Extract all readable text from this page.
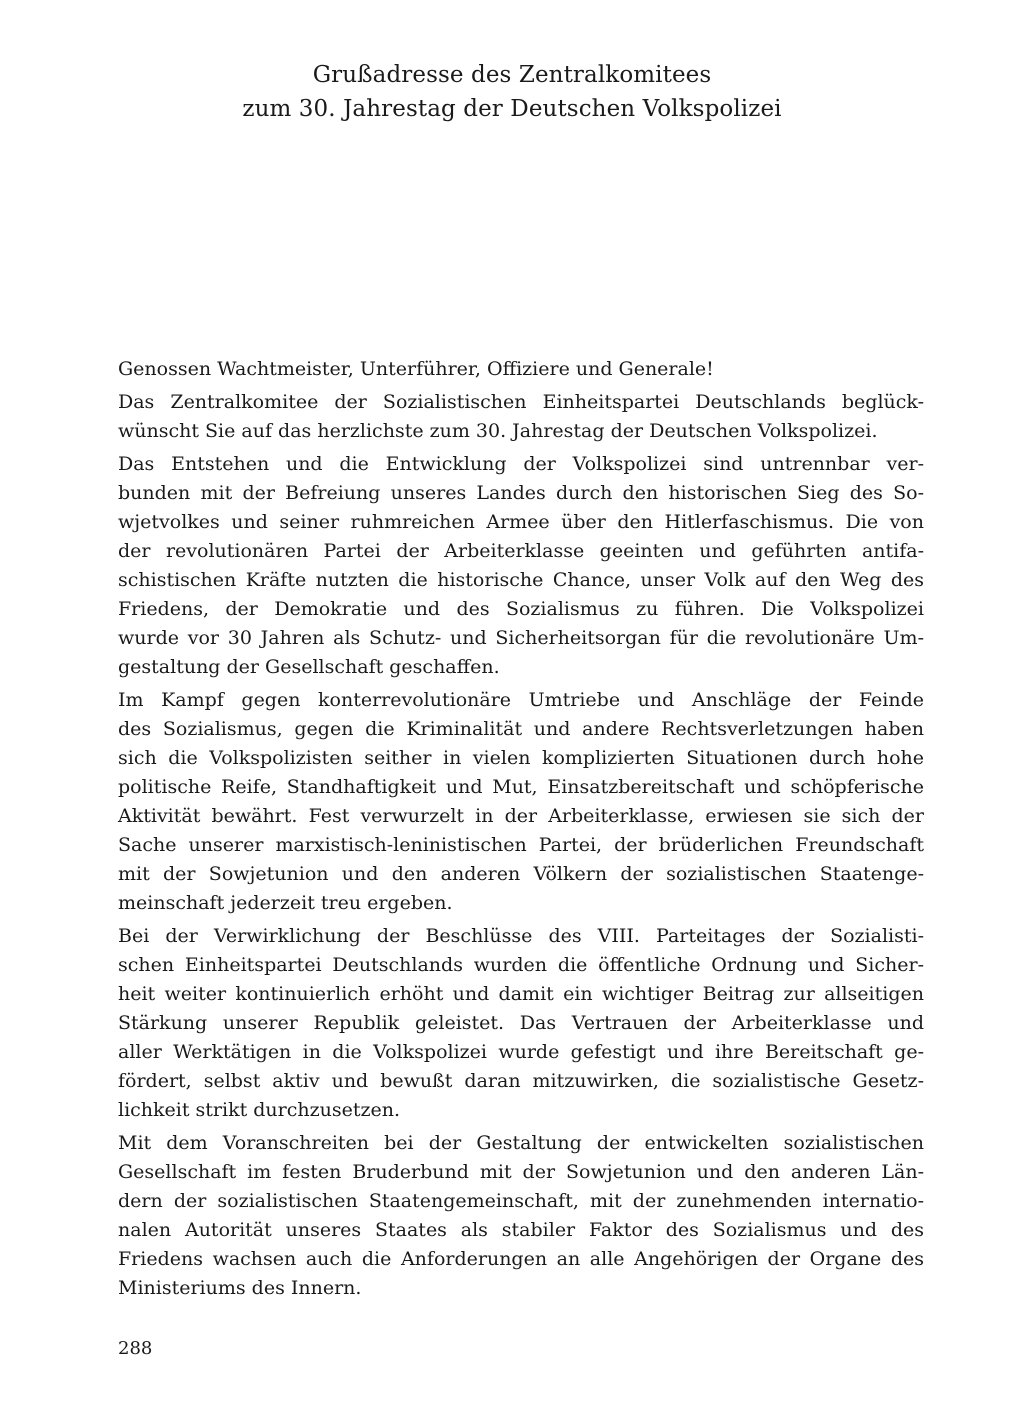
Grußadresse des Zentralkomitees
zum 30. Jahrestag der Deutschen Volkspolizei
Genossen Wachtmeister, Unterführer, Offiziere und Generale!
Das Zentralkomitee der Sozialistischen Einheitspartei Deutschlands beglück-
wünscht Sie auf das herzlichste zum 30. Jahrestag der Deutschen Volkspolizei.
Das Entstehen und die Entwicklung der Volkspolizei sind untrennbar ver-
bunden mit der Befreiung unseres Landes durch den historischen Sieg des So-
wjetvolkes und seiner ruhmreichen Armee über den Hitlerfaschismus. Die von
der revolutionären Partei der Arbeiterklasse geeinten und geführten antifa-
schistischen Kräfte nutzten die historische Chance, unser Volk auf den Weg des
Friedens, der Demokratie und des Sozialismus zu führen. Die Volkspolizei
wurde vor 30 Jahren als Schutz- und Sicherheitsorgan für die revolutionäre Um-
gestaltung der Gesellschaft geschaffen.
Im Kampf gegen konterrevolutionäre Umtriebe und Anschläge der Feinde
des Sozialismus, gegen die Kriminalität und andere Rechtsverletzungen haben
sich die Volkspolizisten seither in vielen komplizierten Situationen durch hohe
politische Reife, Standhaftigkeit und Mut, Einsatzbereitschaft und schöpferische
Aktivität bewährt. Fest verwurzelt in der Arbeiterklasse, erwiesen sie sich der
Sache unserer marxistisch-leninistischen Partei, der brüderlichen Freundschaft
mit der Sowjetunion und den anderen Völkern der sozialistischen Staatenge-
meinschaft jederzeit treu ergeben.
Bei der Verwirklichung der Beschlüsse des VIII. Parteitages der Sozialisti-
schen Einheitspartei Deutschlands wurden die öffentliche Ordnung und Sicher-
heit weiter kontinuierlich erhöht und damit ein wichtiger Beitrag zur allseitigen
Stärkung unserer Republik geleistet. Das Vertrauen der Arbeiterklasse und
aller Werktätigen in die Volkspolizei wurde gefestigt und ihre Bereitschaft ge-
fördert, selbst aktiv und bewußt daran mitzuwirken, die sozialistische Gesetz-
lichkeit strikt durchzusetzen.
Mit dem Voranschreiten bei der Gestaltung der entwickelten sozialistischen
Gesellschaft im festen Bruderbund mit der Sowjetunion und den anderen Län-
dern der sozialistischen Staatengemeinschaft, mit der zunehmenden internatio-
nalen Autorität unseres Staates als stabiler Faktor des Sozialismus und des
Friedens wachsen auch die Anforderungen an alle Angehörigen der Organe des
Ministeriums des Innern.
288
